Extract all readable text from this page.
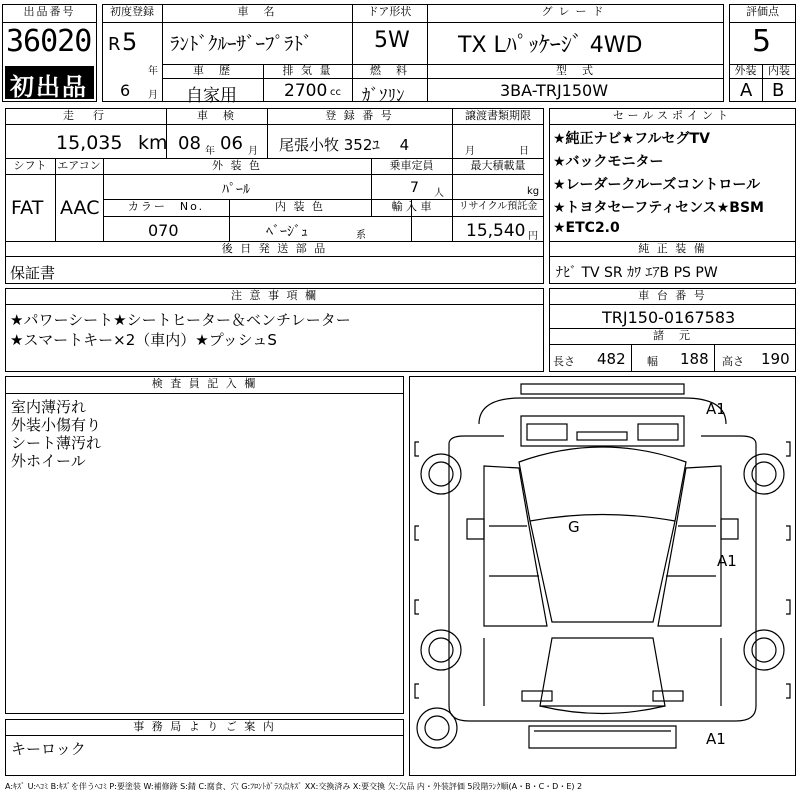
出品番号
36020
初出品
初度登録
R 5
年
6 月
車　名
ﾗﾝﾄﾞｸﾙｰｻﾞｰﾌﾟﾗﾄﾞ
ドア形状
5W
グレード
TX Lﾊﾟｯｹｰｼﾞ 4WD
評価点
5
外装	内装
A B
車　歴	排 気 量	燃　料	型　式
自家用	2700 cc ｶﾞｿﾘﾝ	3BA-TRJ150W
走　行	車　検	登 録 番 号	譲渡書類期限
15,035 km 08 年 06 月 尾張小牧 352ﾕ　 4	月	日
シフト エアコン	外 装 色	乗車定員	最大積載量
FAT AAC
ﾊﾟｰﾙ	7 人	kg
カラー　No.	内 装 色	輸 入 車	リサイクル預託金
070	ﾍﾞｰｼﾞｭ	系	15,540 円
後 日 発 送 部 品
保証書
セールスポイント
★純正ナビ★フルセグTV
★バックモニター
★レーダークルーズコントロール
★トヨタセーフティセンス★BSM
★ETC2.0
純 正 装 備
ﾅﾋﾞ TV SR ｶﾜ ｴｱB PS PW
注 意 事 項 欄
★パワーシート★シートヒーター＆ベンチレーター
★スマートキー×2（車内）★プッシュS
車 台 番 号
TRJ150-0167583
諸　元
長さ 482 幅 188 高さ 190
検 査 員 記 入 欄
室内薄汚れ
外装小傷有り
シート薄汚れ
外ホイール
事 務 局 よ り ご 案 内
キーロック
A1
G
A1
A1
A:ｷｽﾞ U:ﾍｺﾐ B:ｷｽﾞを伴うﾍｺﾐ P:要塗装 W:補修跡 S:錆 C:腐食、穴 G:ﾌﾛﾝﾄｶﾞﾗｽ点ｷｽﾞ XX:交換済み X:要交換 欠:欠品 内・外装評価 5段階ﾗﾝｸ順(A・B・C・D・E) 2
